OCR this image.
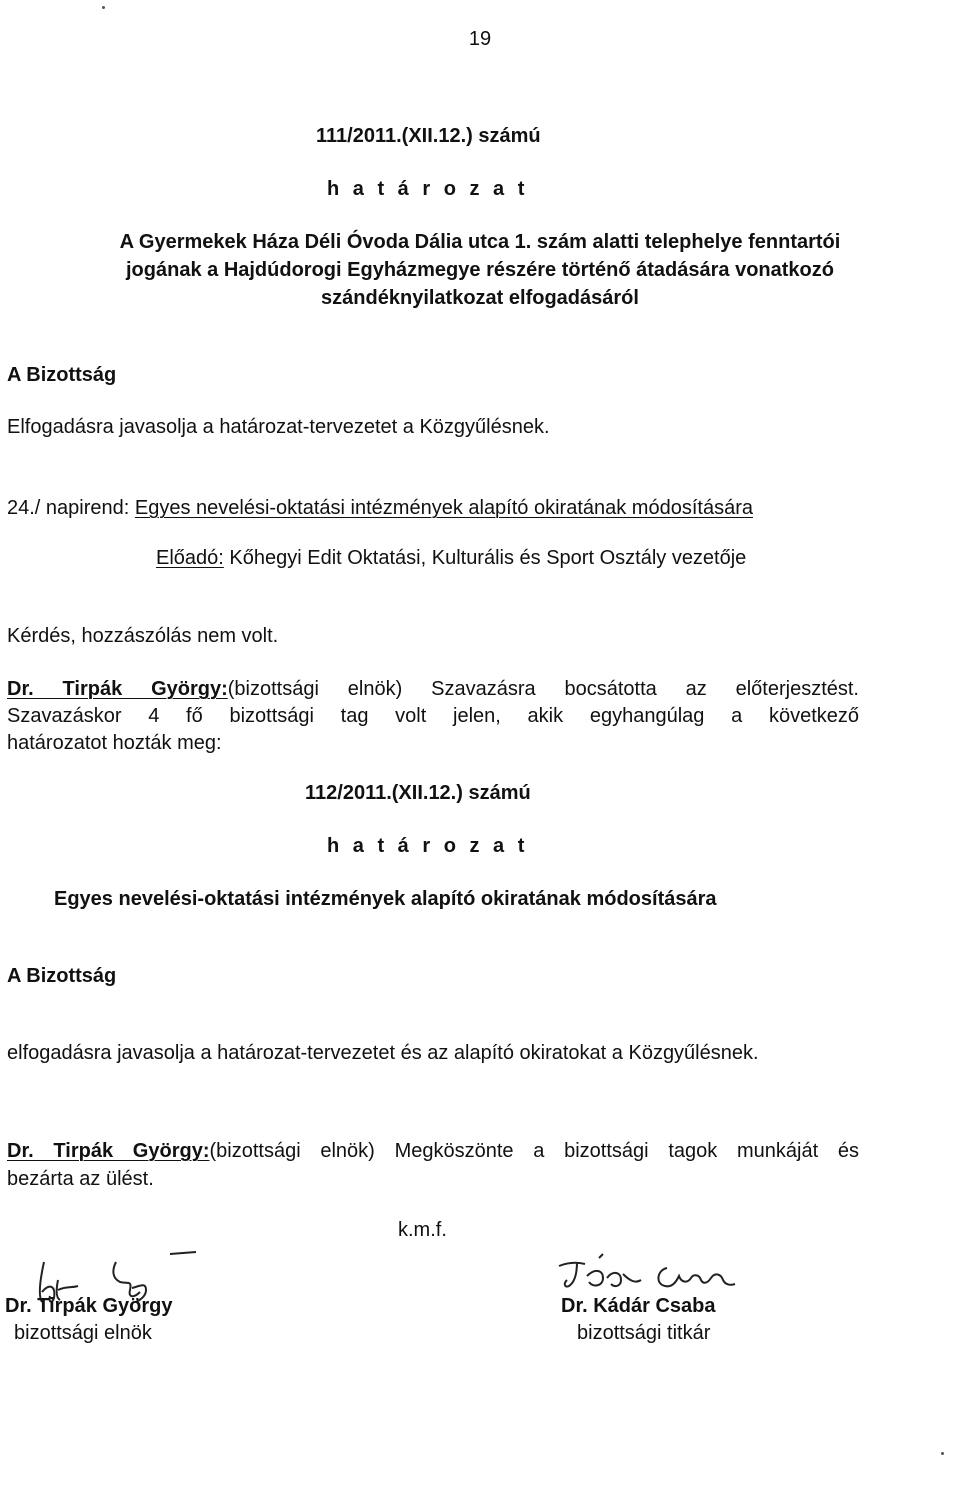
19

111/2011.(XII.12.) számú

h a t á r o z a t

A Gyermekek Háza Déli Óvoda Dália utca 1. szám alatti telephelye fenntartói

jogának a Hajdúdorogi Egyházmegye részére történő átadására vonatkozó

szándéknyilatkozat elfogadásáról

A Bizottság

Elfogadásra javasolja a határozat-tervezetet a Közgyűlésnek.

24./ napirend: Egyes nevelési-oktatási intézmények alapító okiratának módosítására

Előadó: Kőhegyi Edit Oktatási, Kulturális és Sport Osztály vezetője

Kérdés, hozzászólás nem volt.

Dr. Tirpák György:(bizottsági elnök) Szavazásra bocsátotta az előterjesztést.

Szavazáskor 4 fő bizottsági tag volt jelen, akik egyhangúlag a következő

határozatot hozták meg:

112/2011.(XII.12.) számú

h a t á r o z a t

Egyes nevelési-oktatási intézmények alapító okiratának módosítására

A Bizottság

elfogadásra javasolja a határozat-tervezetet és az alapító okiratokat a Közgyűlésnek.

Dr. Tirpák György:(bizottsági elnök) Megköszönte a bizottsági tagok munkáját és

bezárta az ülést.

k.m.f.

Dr. Tirpák György

bizottsági elnök

Dr. Kádár Csaba

bizottsági titkár
